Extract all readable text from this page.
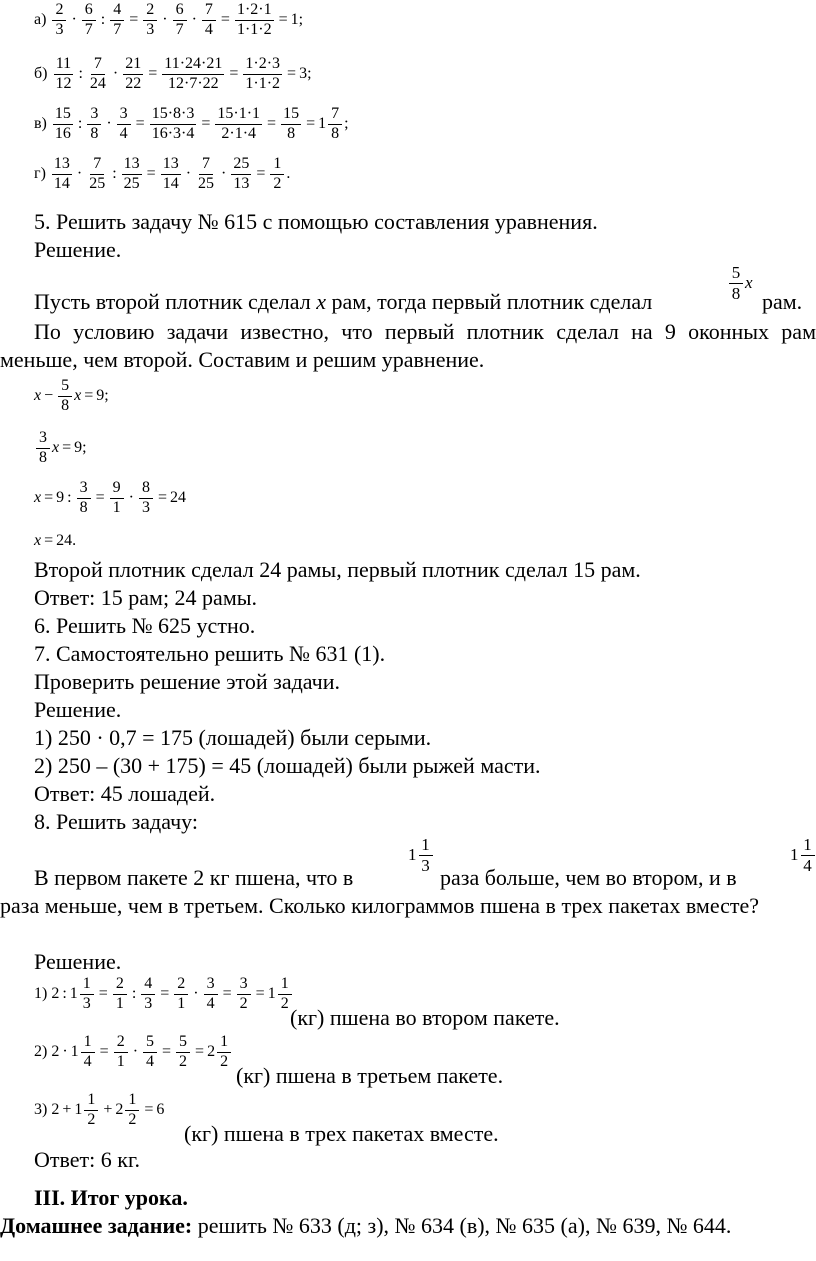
$а) \frac{2}{3} \cdot \frac{6}{7}$ : $\frac{4}{7} = \frac{2}{3} \cdot \frac{6}{7} \cdot \frac{7}{4} = \frac{1\cdot 2\cdot 1}{1\cdot 1\cdot 2} = 1$;
$б) \frac{11}{12}$ : $\frac{7}{24} \cdot \frac{21}{22} = \frac{11\cdot 24\cdot 21}{12\cdot 7\cdot 22} = \frac{1\cdot 2\cdot 3}{1\cdot 1\cdot 2} = 3$;
$в) \frac{15}{16}$ : $\frac{3}{8} \cdot \frac{3}{4} = \frac{15\cdot 8\cdot 3}{16\cdot 3\cdot 4} = \frac{15\cdot 1\cdot 1}{2\cdot 1\cdot 4} = \frac{15}{8} = 1 \frac{7}{8}$ ;
$г) \frac{13}{14} \cdot \frac{7}{25}$ : $\frac{13}{25} = \frac{13}{14} \cdot \frac{7}{25} \cdot \frac{25}{13} = \frac{1}{2}$ .
5. Решить задачу № 615 с помощью составления уравнения.
Решение.
$\frac{5}{8}$ x
Пусть второй плотник сделал x рам, тогда первый плотник сделал	рам.
По условию задачи известно, что первый плотник сделал на 9 оконных рам меньше, чем второй. Составим и решим уравнение.
$x - \frac{5}{8}$ x = 9;
$\frac{3}{8}$ x = 9;
x = 9 : $\frac{3}{8} = \frac{9}{1} \cdot \frac{8}{3} = 24$
x = 24.
Второй плотник сделал 24 рамы, первый плотник сделал 15 рам.
Ответ: 15 рам; 24 рамы.
6. Решить № 625 устно.
7. Самостоятельно решить № 631 (1).
Проверить решение этой задачи.
Решение.
1) 250 · 0,7 = 175 (лошадей) были серыми.
2) 250 – (30 + 175) = 45 (лошадей) были рыжей масти.
Ответ: 45 лошадей.
8. Решить задачу:
$1 \frac{1}{3}$	$1 \frac{1}{4}$
В первом пакете 2 кг пшена, что в	раза больше, чем во втором, и в
раза меньше, чем в третьем. Сколько килограммов пшена в трех пакетах вместе?
Решение.
1) 2 : $1 \frac{1}{3} = \frac{2}{1}$ : $\frac{4}{3} = \frac{2}{1} \cdot \frac{3}{4} = \frac{3}{2} = 1 \frac{1}{2}$
(кг) пшена во втором пакете.
2) $2 \cdot 1 \frac{1}{4} = \frac{2}{1} \cdot \frac{5}{4} = \frac{5}{2} = 2 \frac{1}{2}$
(кг) пшена в третьем пакете.
3) $2 + 1 \frac{1}{2} + 2 \frac{1}{2} = 6$
(кг) пшена в трех пакетах вместе.
Ответ: 6 кг.
III. Итог урока.
Домашнее задание: решить № 633 (д; з), № 634 (в), № 635 (а), № 639, № 644.
